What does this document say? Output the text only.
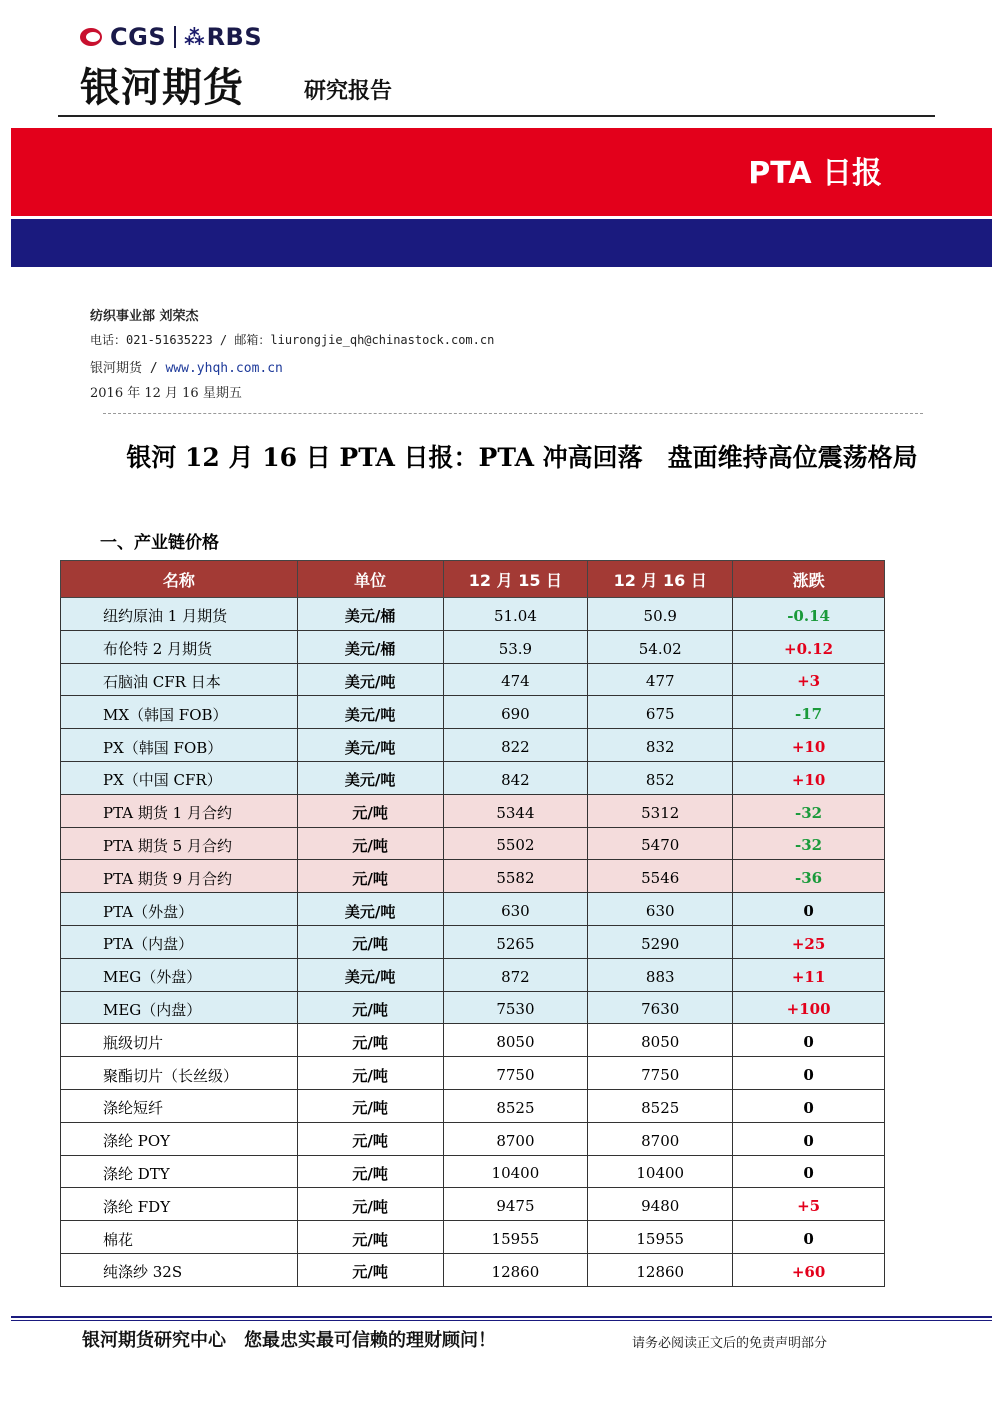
CGS ⁂ RBS
银河期货	研究报告
PTA 日报
纺织事业部 刘荣杰
电话：021-51635223 / 邮箱：liurongjie_qh@chinastock.com.cn
银河期货 / www.yhqh.com.cn
2016 年 12 月 16 星期五
银河 12 月 16 日 PTA 日报：PTA 冲高回落　盘面维持高位震荡格局
一、产业链价格
名称	单位	12 月 15 日	12 月 16 日	涨跌
纽约原油 1 月期货	美元/桶	51.04	50.9	-0.14
布伦特 2 月期货	美元/桶	53.9	54.02	+0.12
石脑油 CFR 日本	美元/吨	474	477	+3
MX（韩国 FOB）	美元/吨	690	675	-17
PX（韩国 FOB）	美元/吨	822	832	+10
PX（中国 CFR）	美元/吨	842	852	+10
PTA 期货 1 月合约	元/吨	5344	5312	-32
PTA 期货 5 月合约	元/吨	5502	5470	-32
PTA 期货 9 月合约	元/吨	5582	5546	-36
PTA（外盘）	美元/吨	630	630	0
PTA（内盘）	元/吨	5265	5290	+25
MEG（外盘）	美元/吨	872	883	+11
MEG（内盘）	元/吨	7530	7630	+100
瓶级切片	元/吨	8050	8050	0
聚酯切片（长丝级）	元/吨	7750	7750	0
涤纶短纤	元/吨	8525	8525	0
涤纶 POY	元/吨	8700	8700	0
涤纶 DTY	元/吨	10400	10400	0
涤纶 FDY	元/吨	9475	9480	+5
棉花	元/吨	15955	15955	0
纯涤纱 32S	元/吨	12860	12860	+60
银河期货研究中心　您最忠实最可信赖的理财顾问！	请务必阅读正文后的免责声明部分
